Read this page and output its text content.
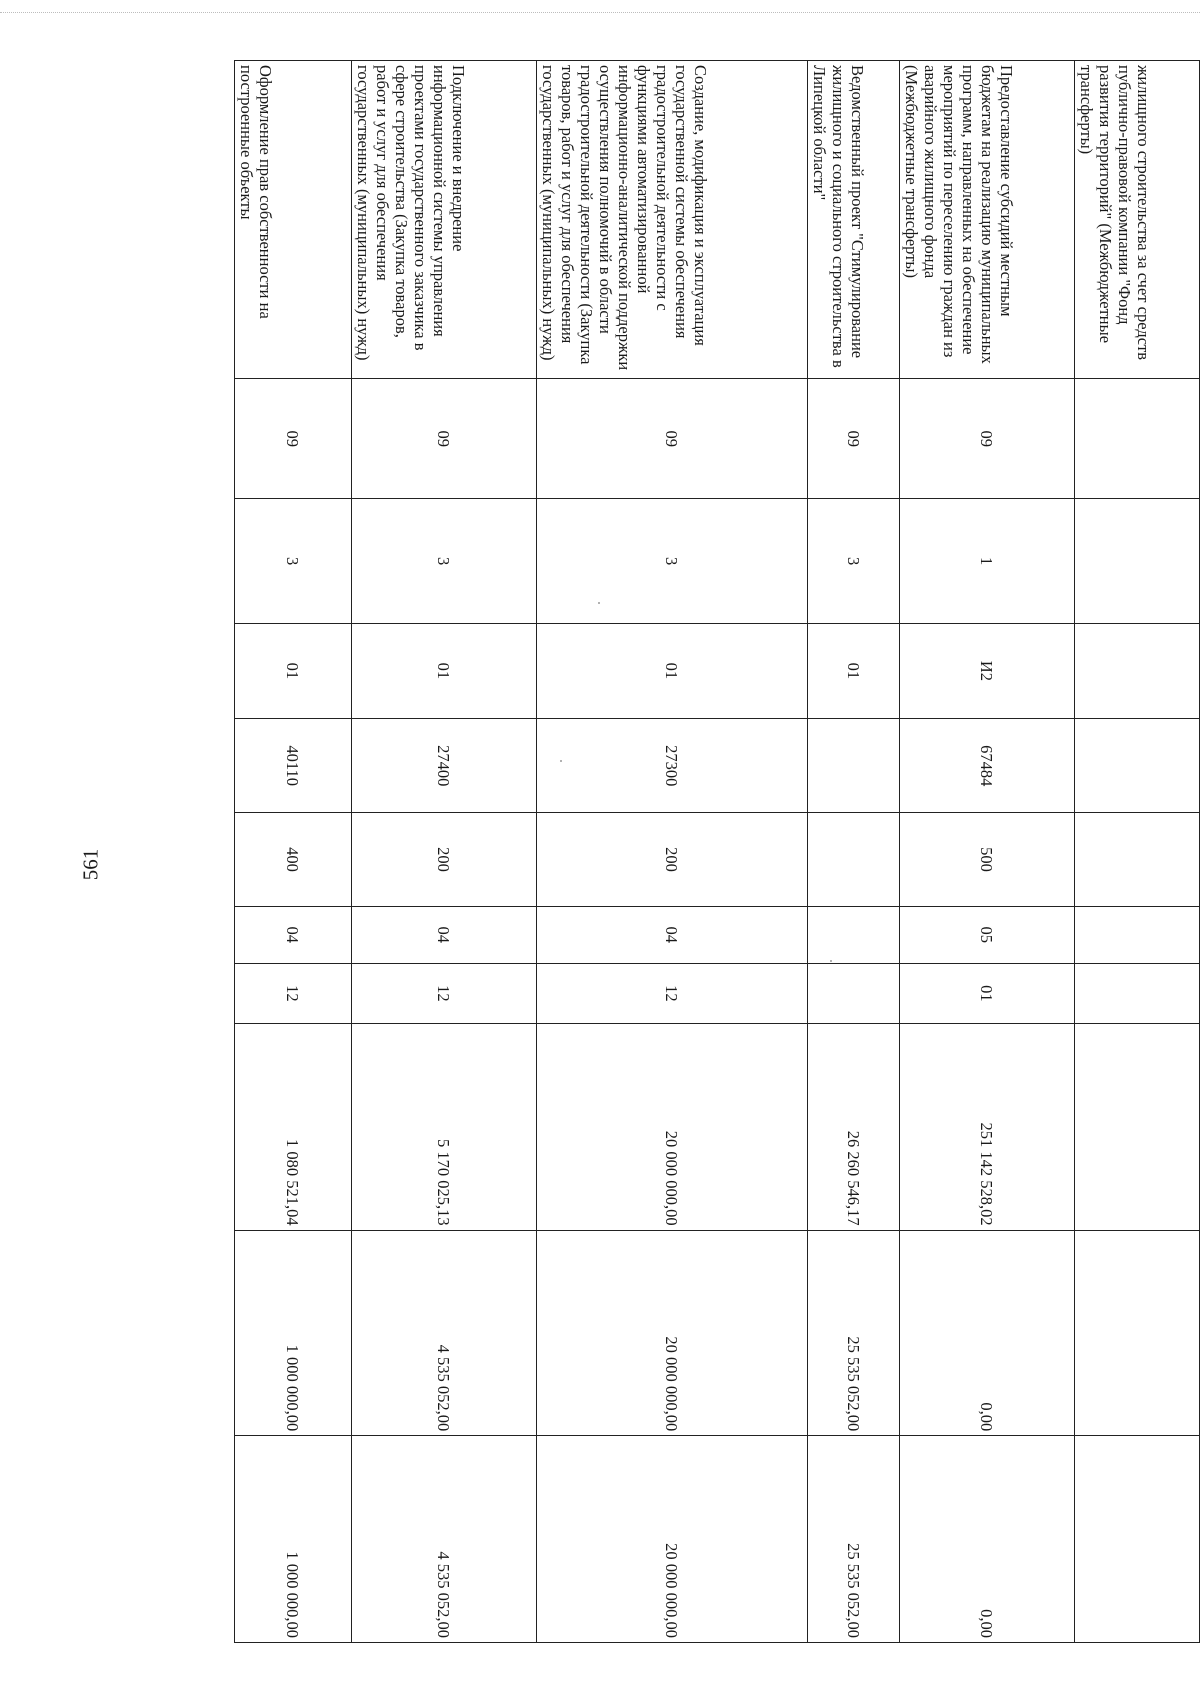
561
жилищного строительства за счет средств публично-правовой компании "Фонд развития территорий" (Межбюджетные трансферты)										
Предоставление субсидий местным бюджетам на реализацию муниципальных программ, направленных на обеспечение мероприятий по переселению граждан из аварийного жилищного фонда (Межбюджетные трансферты)	09	1	И2	67484	500	05	01	251 142 528,02	0,00	0,00
Ведомственный проект "Стимулирование жилищного и социального строительства в Липецкой области"	09	3	01					26 260 546,17	25 535 052,00	25 535 052,00
Создание, модификация и эксплуатация государственной системы обеспечения градостроительной деятельности с функциями автоматизированной информационно-аналитической поддержки осуществления полномочий в области градостроительной деятельности (Закупка товаров, работ и услуг для обеспечения государственных (муниципальных) нужд)	09	3	01	27300	200	04	12	20 000 000,00	20 000 000,00	20 000 000,00
Подключение и внедрение информационной системы управления проектами государственного заказчика в сфере строительства (Закупка товаров, работ и услуг для обеспечения государственных (муниципальных) нужд)	09	3	01	27400	200	04	12	5 170 025,13	4 535 052,00	4 535 052,00
Оформление прав собственности на построенные объекты	09	3	01	40110	400	04	12	1 080 521,04	1 000 000,00	1 000 000,00
